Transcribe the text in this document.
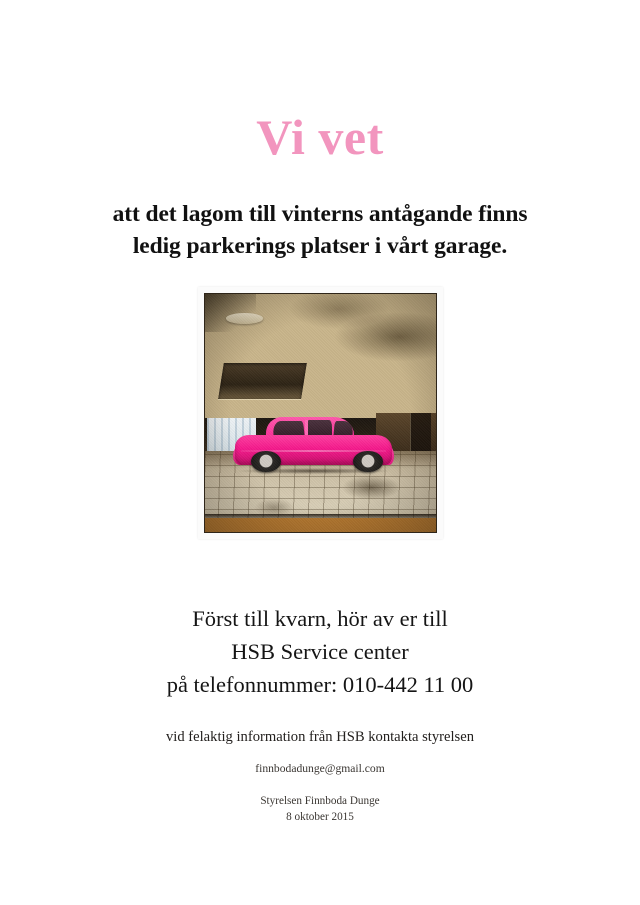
Vi vet
att det lagom till vinterns antågande finns
ledig parkerings platser i vårt garage.
Först till kvarn, hör av er till
HSB Service center
på telefonnummer: 010-442 11 00
vid felaktig information från HSB kontakta styrelsen
finnbodadunge@gmail.com
Styrelsen Finnboda Dunge
8 oktober 2015
